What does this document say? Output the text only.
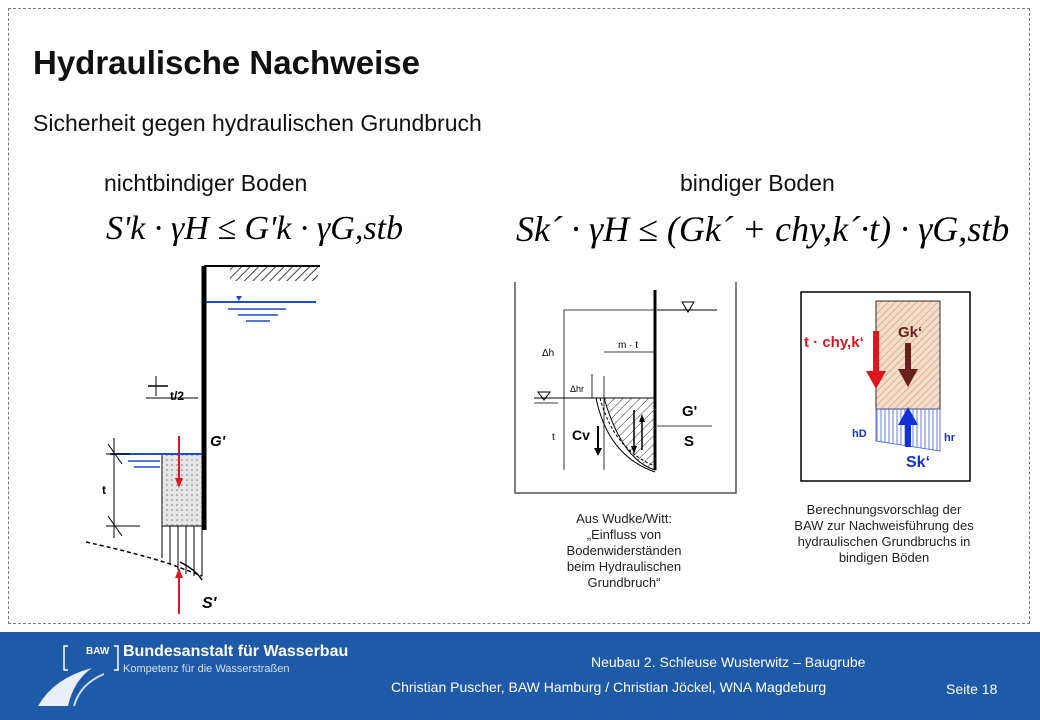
Hydraulische Nachweise
Sicherheit gegen hydraulischen Grundbruch
nichtbindiger Boden	bindiger Boden
S'k · γH ≤ G'k · γG,stb	Sk´ · γH ≤ (Gk´ + chy,k´·t) · γG,stb
t/2
G'
t
S'
Δh
Δhr
t
m · t
Cv
G'
S
Aus Wudke/Witt:
„Einfluss von
Bodenwiderständen
beim Hydraulischen
Grundbruch“
t · chy,k‘
Gk‘
Sk‘
hD	hr
Berechnungsvorschlag der
BAW zur Nachweisführung des
hydraulischen Grundbruchs in
bindigen Böden
BAW Bundesanstalt für Wasserbau
Kompetenz für die Wasserstraßen	Neubau 2. Schleuse Wusterwitz – Baugrube
Christian Puscher, BAW Hamburg / Christian Jöckel, WNA Magdeburg	Seite 18
